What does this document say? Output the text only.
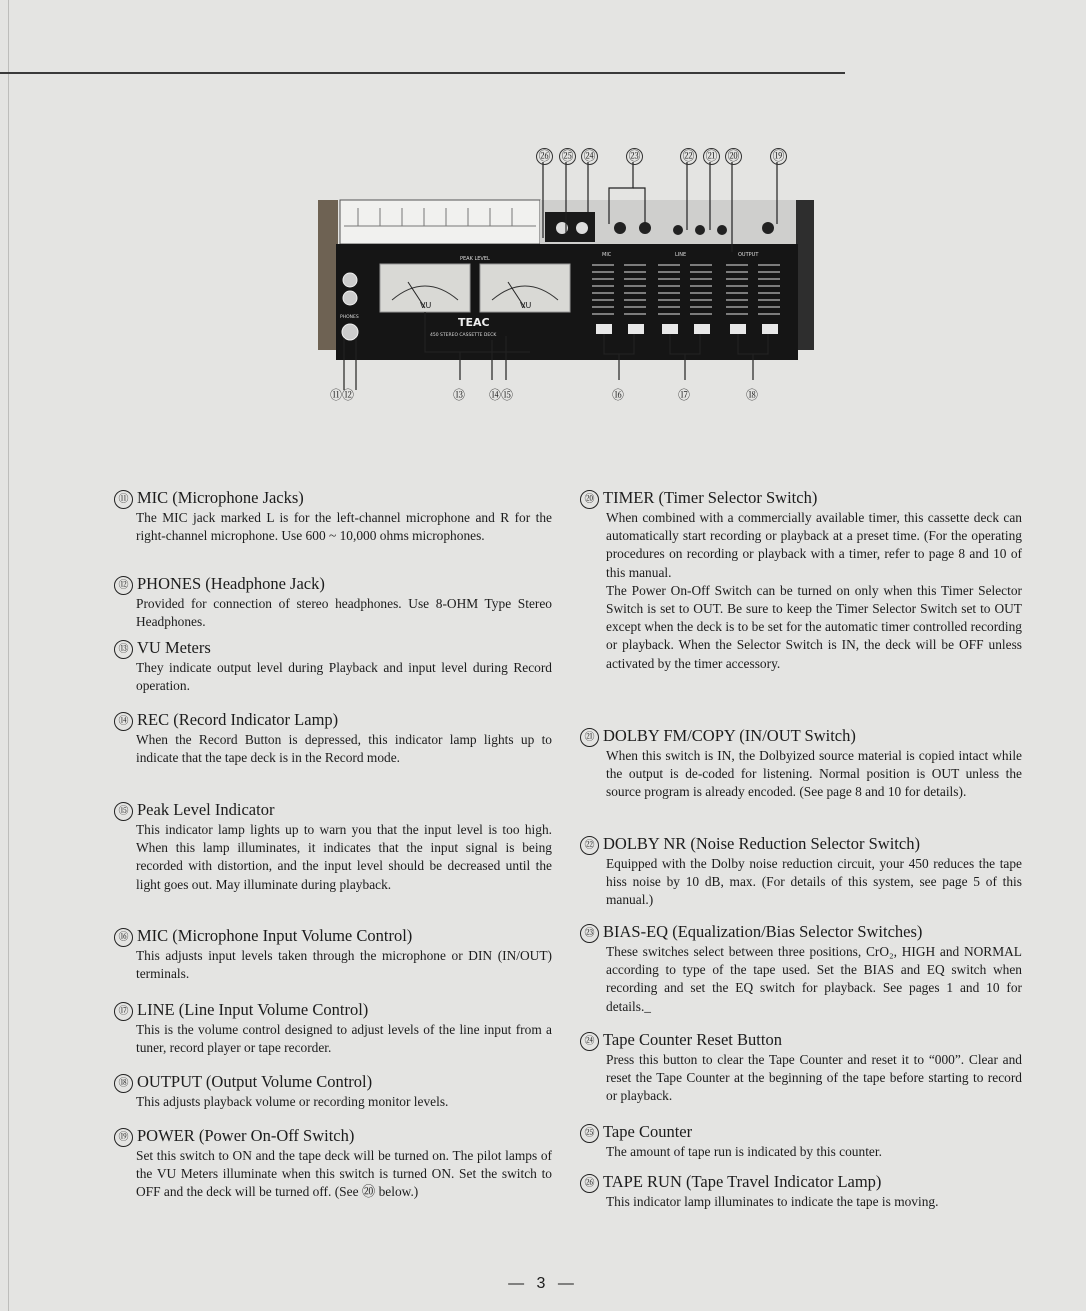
VU	VU
PEAK LEVEL
TEAC
450 STEREO CASSETTE DECK
MIC	LINE	OUTPUT
PHONES
㉖ ㉕ ㉔	㉓	㉒ ㉑ ⑳	⑲
⑪⑫	⑬ ⑭⑮	⑯	⑰	⑱
⑪ MIC (Microphone Jacks)
The MIC jack marked L is for the left-channel microphone and R for the right-channel microphone. Use 600 ~ 10,000 ohms microphones.
⑫ PHONES (Headphone Jack)
Provided for connection of stereo headphones. Use 8-OHM Type Stereo Headphones.
⑬ VU Meters
They indicate output level during Playback and input level during Record operation.
⑭ REC (Record Indicator Lamp)
When the Record Button is depressed, this indicator lamp lights up to indicate that the tape deck is in the Record mode.
⑮ Peak Level Indicator
This indicator lamp lights up to warn you that the input level is too high. When this lamp illuminates, it indicates that the input signal is being recorded with distortion, and the input level should be decreased until the light goes out. May illuminate during playback.
⑯ MIC (Microphone Input Volume Control)
This adjusts input levels taken through the microphone or DIN (IN/OUT) terminals.
⑰ LINE (Line Input Volume Control)
This is the volume control designed to adjust levels of the line input from a tuner, record player or tape recorder.
⑱ OUTPUT (Output Volume Control)
This adjusts playback volume or recording monitor levels.
⑲ POWER (Power On-Off Switch)
Set this switch to ON and the tape deck will be turned on. The pilot lamps of the VU Meters illuminate when this switch is turned ON. Set the switch to OFF and the deck will be turned off. (See ⑳ below.)
⑳ TIMER (Timer Selector Switch)
When combined with a commercially available timer, this cassette deck can automatically start recording or playback at a preset time. (For the operating procedures on recording or playback with a timer, refer to page 8 and 10 of this manual.
The Power On-Off Switch can be turned on only when this Timer Selector Switch is set to OUT. Be sure to keep the Timer Selector Switch set to OUT except when the deck is to be set for the automatic timer controlled recording or playback. When the Selector Switch is IN, the deck will be OFF unless activated by the timer accessory.
㉑ DOLBY FM/COPY (IN/OUT Switch)
When this switch is IN, the Dolbyized source material is copied intact while the output is de-coded for listening. Normal position is OUT unless the source program is already encoded. (See page 8 and 10 for details).
㉒ DOLBY NR (Noise Reduction Selector Switch)
Equipped with the Dolby noise reduction circuit, your 450 reduces the tape hiss noise by 10 dB, max. (For details of this system, see page 5 of this manual.)
㉓ BIAS-EQ (Equalization/Bias Selector Switches)
These switches select between three positions, CrO₂, HIGH and NORMAL according to type of the tape used. Set the BIAS and EQ switch when recording and set the EQ switch for playback. See pages 1 and 10 for details._
㉔ Tape Counter Reset Button
Press this button to clear the Tape Counter and reset it to “000”. Clear and reset the Tape Counter at the beginning of the tape before starting to record or playback.
㉕ Tape Counter
The amount of tape run is indicated by this counter.
㉖ TAPE RUN (Tape Travel Indicator Lamp)
This indicator lamp illuminates to indicate the tape is moving.
— 3 —
